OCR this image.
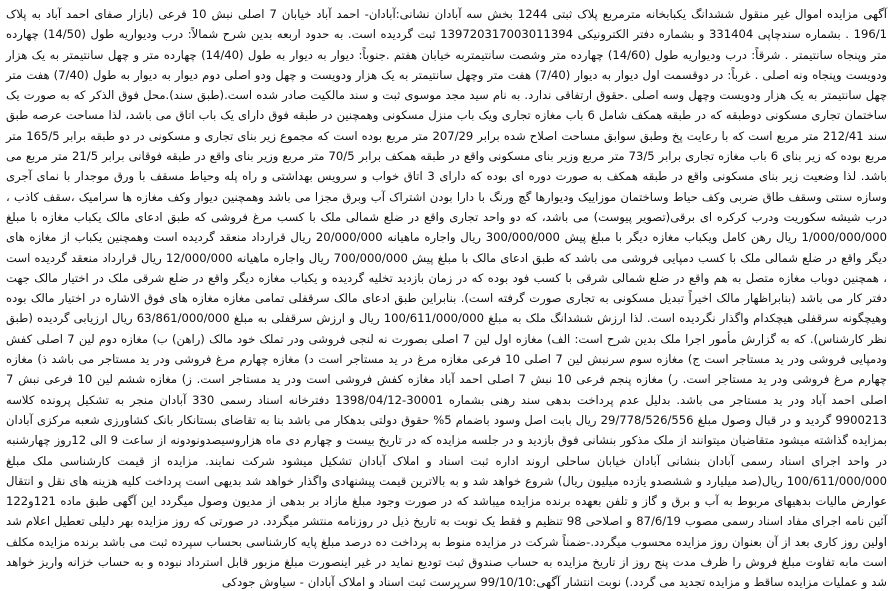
آگهی مزایده اموال غیر منقول ششدانگ یکبابخانه مترمربع پلاک ثبتی 1244 بخش سه آبادان نشانی:آبادان- احمد آباد خیابان 7 اصلی نبش 10 فرعی (بازار صفای احمد آباد به پلاک 196/1 . بشماره سندچاپی 331404 و بشماره دفتر الکترونیکی 139720317003011394 ثبت گردیده است. به حدود اربعه بدین شرح شمالاً: درب ودیواریه طول (14/50) چهارده متر وپنجاه سانتیمتر . شرقاً: درب ودیواریه طول (14/60) چهارده متر وشصت سانتیمتربه خیابان هفتم .جنوباً: دیوار به دیوار به طول (14/40) چهارده متر و چهل سانتیمتر به یک هزار ودویست وپنجاه ونه اصلی . غرباً: در دوقسمت اول دیوار به دیوار (7/40) هفت متر وچهل سانتیمتر به یک هزار ودویست و چهل ودو اصلی دوم دیوار به دیوار به طول (7/40) هفت متر چهل سانتیمتر به یک هزار ودویست وچهل وسه اصلی .حقوق ارتفاقی ندارد. به نام سید مجد موسوی ثبت و سند مالکیت صادر شده است.(طبق سند).محل فوق الذکر که به صورت یک ساختمان تجاری مسکونی دوطبقه که در طبقه همکف شامل 6 باب مغازه تجاری ویک باب منزل مسکونی وهمچنین در طبقه فوق دارای یک باب اتاق می باشد، لذا مساحت عرصه طبق سند 212/41 متر مربع است که با رعایت پخ وطبق سوابق مساحت اصلاح شده برابر 207/29 متر مربع بوده است که مجموع زیر بنای تجاری و مسکونی در دو طبقه برابر 165/5 متر مربع بوده که زیر بنای 6 باب مغازه تجاری برابر 73/5 متر مربع وزیر بنای مسکونی واقع در طبقه همکف برابر 70/5 متر مربع وزیر بنای واقع در طبقه فوقانی برابر 21/5 متر مربع می باشد. لذا وضعیت زیر بنای مسکونی واقع در طبقه همکف به صورت دوره ای بوده که دارای 3 اتاق خواب و سرویس بهداشتی و راه پله وحیاط مسقف با ورق موجدار با نمای آجری وسازه سنتی وسقف طاق ضربی وکف حیاط وساختمان موزاییک ودیوارها گچ ورنگ با دارا بودن اشتراک آب وبرق مجزا می باشد وهمچنین دیوار وکف مغازه ها سرامیک ،سقف کاذب ، درب شیشه سکوریت ودرب کرکره ای برقی(تصویر پیوست) می باشد، که دو واحد تجاری واقع در ضلع شمالی ملک با کسب مرغ فروشی که طبق ادعای مالک یکباب مغازه با مبلغ 1/000/000/000 ریال رهن کامل ویکباب مغازه دیگر با مبلغ پیش 300/000/000 ریال واجاره ماهیانه 20/000/000 ریال قرارداد منعقد گردیده است وهمچنین یکباب از مغازه های دیگر واقع در ضلع شمالی ملک با کسب دمپایی فروشی می باشد که طبق ادعای مالک با مبلغ پیش 700/000/000 ریال واجاره ماهیانه 12/000/000 ریال قرارداد منعقد گردیده است ، همچنین دوباب مغازه متصل به هم واقع در ضلع شمالی شرقی با کسب فود بوده که در زمان بازدید تخلیه گردیده و یکباب مغازه دیگر واقع در ضلع شرقی ملک در اختیار مالک جهت دفتر کار می باشد (بنابراظهار مالک اخیراً تبدیل مسکونی به تجاری صورت گرفته است). بنابراین طبق ادعای مالک سرقفلی تمامی مغازه مغازه های فوق الاشاره در اختیار مالک بوده وهیچگونه سرقفلی هیچکدام واگذار نگردیده است. لذا ارزش ششدانگ ملک به مبلغ 100/611/000/000 ریال و ارزش سرقفلی به مبلغ 63/861/000/000 ریال ارزیابی گردیده (طبق نظر کارشناس). که به گزارش مأمور اجرا ملک بدین شرح است: الف) مغازه اول لین 7 اصلی بصورت نه لنجی فروشی ودر تملک خود مالک (راهن) ب) مغازه دوم لین 7 اصلی کفش ودمپایی فروشی ودر ید مستاجر است ج) مغازه سوم سرنبش لین 7 اصلی 10 فرعی مغازه مرغ در ید مستاجر است د) مغازه چهارم مرغ فروشی ودر ید مستاجر می باشد ذ) مغازه چهارم مرغ فروشی ودر ید مستاجر است. ر) مغازه پنجم فرعی 10 نبش 7 اصلی احمد آباد مغازه کفش فروشی است ودر ید مستاجر است. ز) مغازه ششم لین 10 فرعی نبش 7 اصلی احمد آباد ودر ید مستاجر می باشد. بدلیل عدم پرداخت بدهی سند رهنی بشماره 30001-1398/04/12 دفترخانه اسناد رسمی 330 آبادان منجر به تشکیل پرونده کلاسه 9900213 گردید و در قبال وصول مبلغ 29/778/526/556 ریال بابت اصل وسود باضمام 5% حقوق دولتی بدهکار می باشد بنا به تقاضای بستانکار بانک کشاورزی شعبه مرکزی آبادان بمزایده گذاشته میشود متقاضیان میتوانند از ملک مذکور بنشانی فوق بازدید و در جلسه مزایده که در تاریخ بیست و چهارم دی ماه هزاروسیصدونودونه از ساعت 9 الی 12روز چهارشنبه در واحد اجرای اسناد رسمی آبادان بنشانی آبادان خیابان ساحلی اروند اداره ثبت اسناد و املاک آبادان تشکیل میشود شرکت نمایند. مزایده از قیمت کارشناسی ملک مبلغ 100/611/000/000 ریال(صد میلیارد و ششصدو یازده میلیون ریال) شروع خواهد شد و به بالاترین قیمت پیشنهادی واگذار خواهد شد بدیهی است پرداخت کلیه هزینه های نقل و انتقال عوارض مالیات بدهیهای مربوط به آب و برق و گاز و تلفن بعهده برنده مزایده میباشد که در صورت وجود مبلغ مازاد بر بدهی از مدیون وصول میگردد این آگهی طبق ماده 121و122 آئین نامه اجرای مفاد اسناد رسمی مصوب 87/6/19 و اصلاحی 98 تنظیم و فقط یک نوبت به تاریخ ذیل در روزنامه منتشر میگردد. در صورتی که روز مزایده بهر دلیلی تعطیل اعلام شد اولین روز کاری بعد از آن بعنوان روز مزایده محسوب میگردد.-ضمناً شرکت در مزایده منوط به پرداخت ده درصد مبلغ پایه کارشناسی بحساب سپرده ثبت می باشد برنده مزایده مکلف است مابه تفاوت مبلغ فروش را ظرف مدت پنج روز از تاریخ مزایده به حساب صندوق ثبت تودیع نماید در غیر اینصورت مبلغ مزبور قابل استرداد نبوده و به حساب خزانه واریز خواهد شد و عملیات مزایده ساقط و مزایده تجدید می گردد.) نوبت انتشار آگهی:99/10/10 سرپرست ثبت اسناد و املاک آبادان - سیاوش جودکی
